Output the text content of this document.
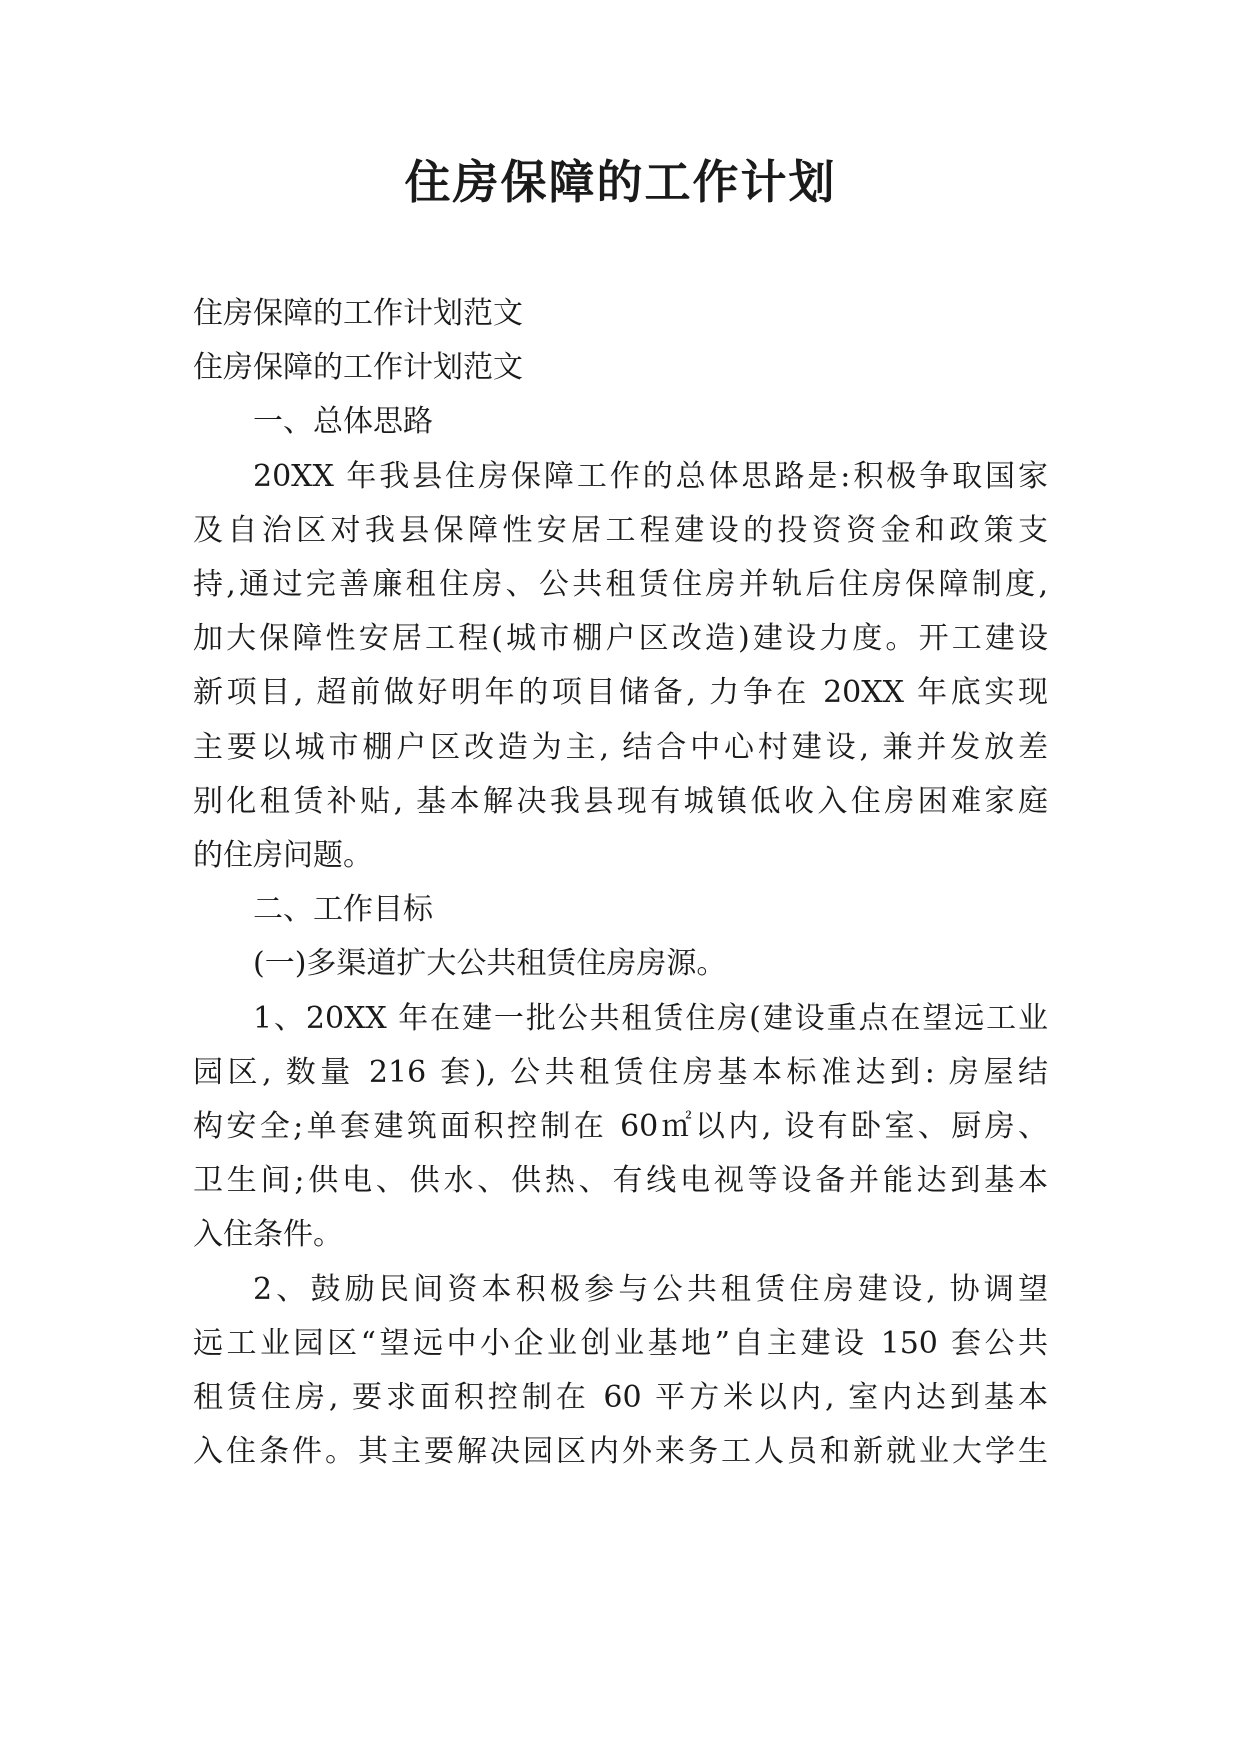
住房保障的工作计划

住房保障的工作计划范文

住房保障的工作计划范文

一、总体思路

20XX 年我县住房保障工作的总体思路是:积极争取国家

及自治区对我县保障性安居工程建设的投资资金和政策支

持,通过完善廉租住房、公共租赁住房并轨后住房保障制度,

加大保障性安居工程(城市棚户区改造)建设力度。开工建设

新项目, 超前做好明年的项目储备, 力争在 20XX 年底实现

主要以城市棚户区改造为主, 结合中心村建设, 兼并发放差

别化租赁补贴, 基本解决我县现有城镇低收入住房困难家庭

的住房问题。

二、工作目标

(一)多渠道扩大公共租赁住房房源。

1、20XX 年在建一批公共租赁住房(建设重点在望远工业

园区, 数量 216 套), 公共租赁住房基本标准达到: 房屋结

构安全;单套建筑面积控制在 60㎡以内, 设有卧室、厨房、

卫生间;供电、供水、供热、有线电视等设备并能达到基本

入住条件。

2、鼓励民间资本积极参与公共租赁住房建设, 协调望

远工业园区“望远中小企业创业基地”自主建设 150 套公共

租赁住房, 要求面积控制在 60 平方米以内, 室内达到基本

入住条件。其主要解决园区内外来务工人员和新就业大学生
